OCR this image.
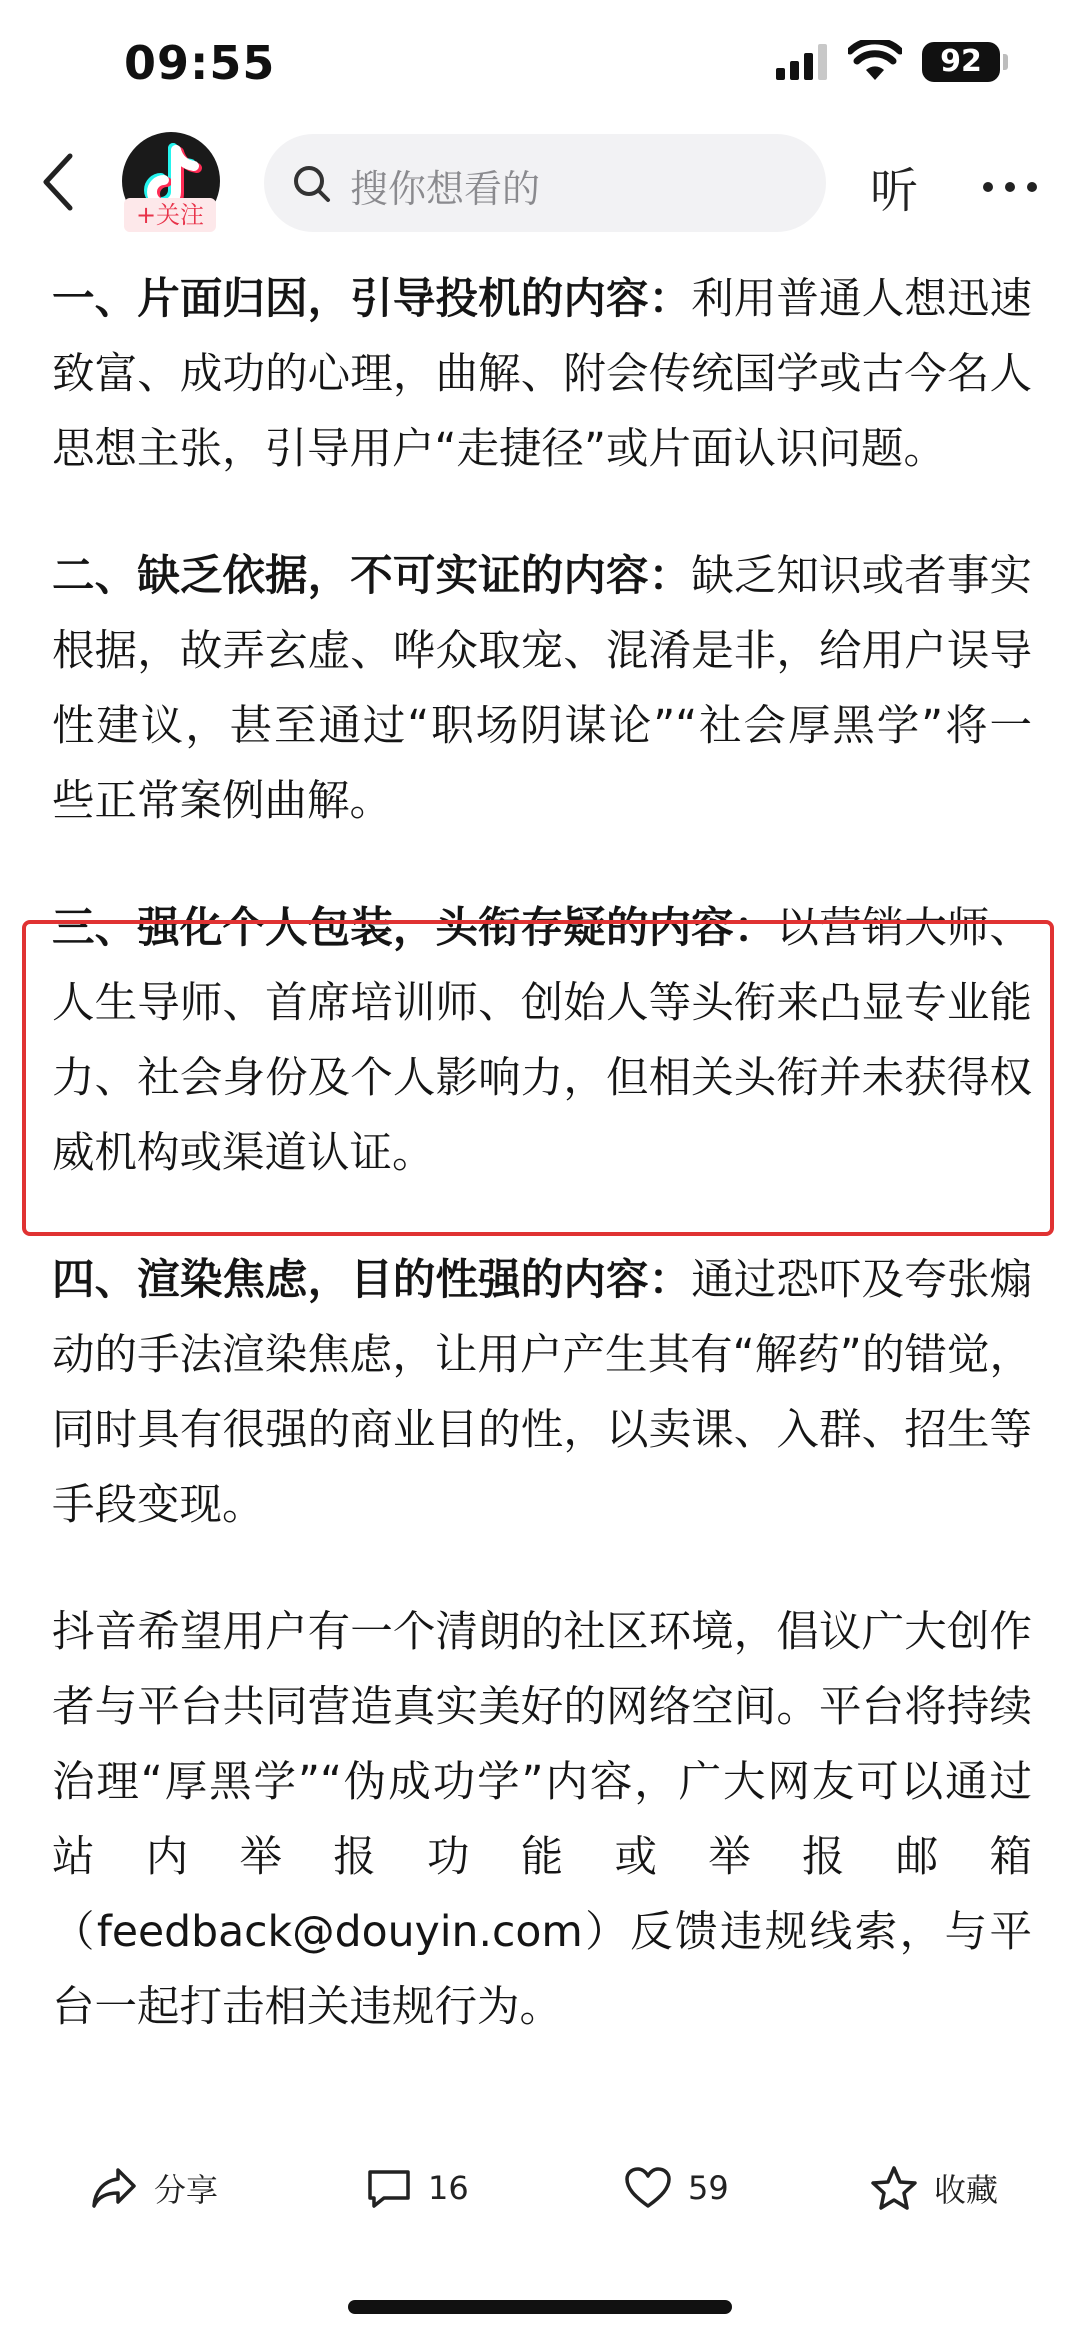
09:55	92
+关注
搜你想看的	听

一、片面归因，引导投机的内容：利用普通人想迅速致富、成功的心理，曲解、附会传统国学或古今名人思想主张，引导用户“走捷径”或片面认识问题。

二、缺乏依据，不可实证的内容：缺乏知识或者事实根据，故弄玄虚、哗众取宠、混淆是非，给用户误导性建议，甚至通过“职场阴谋论”“社会厚黑学”将一些正常案例曲解。

三、强化个人包装，头衔存疑的内容：以营销大师、人生导师、首席培训师、创始人等头衔来凸显专业能力、社会身份及个人影响力，但相关头衔并未获得权威机构或渠道认证。

四、渲染焦虑，目的性强的内容：通过恐吓及夸张煽动的手法渲染焦虑，让用户产生其有“解药”的错觉，同时具有很强的商业目的性，以卖课、入群、招生等手段变现。

抖音希望用户有一个清朗的社区环境，倡议广大创作者与平台共同营造真实美好的网络空间。平台将持续治理“厚黑学”“伪成功学”内容，广大网友可以通过站内举报功能或举报邮箱（feedback@douyin.com）反馈违规线索，与平台一起打击相关违规行为。

分享	16	59	收藏
